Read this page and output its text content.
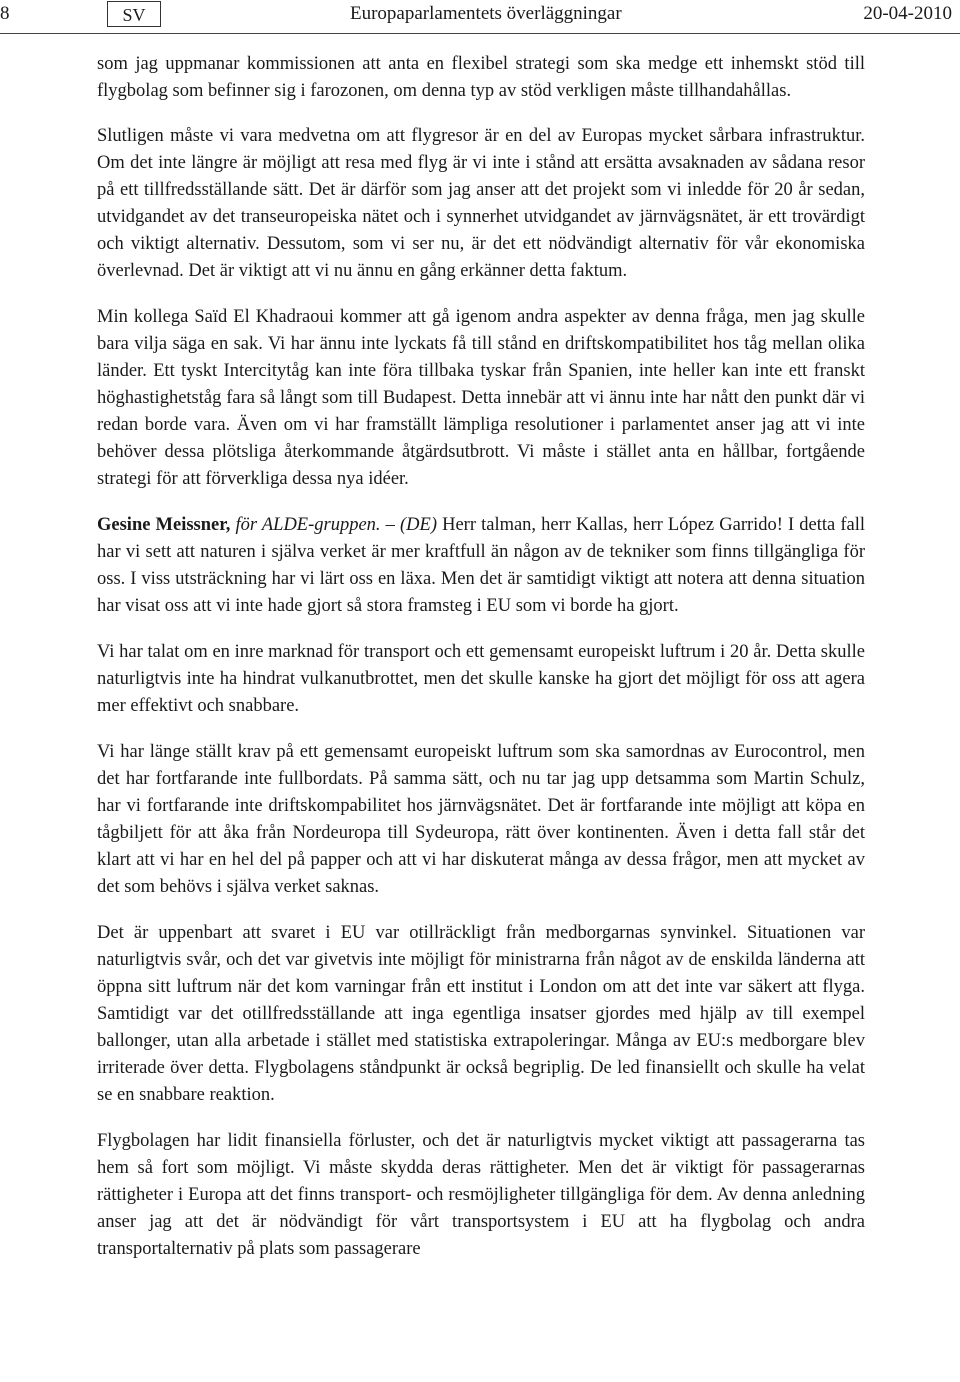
8	SV	Europaparlamentets överläggningar	20-04-2010

som jag uppmanar kommissionen att anta en flexibel strategi som ska medge ett inhemskt stöd till flygbolag som befinner sig i farozonen, om denna typ av stöd verkligen måste tillhandahållas.

Slutligen måste vi vara medvetna om att flygresor är en del av Europas mycket sårbara infrastruktur. Om det inte längre är möjligt att resa med flyg är vi inte i stånd att ersätta avsaknaden av sådana resor på ett tillfredsställande sätt. Det är därför som jag anser att det projekt som vi inledde för 20 år sedan, utvidgandet av det transeuropeiska nätet och i synnerhet utvidgandet av järnvägsnätet, är ett trovärdigt och viktigt alternativ. Dessutom, som vi ser nu, är det ett nödvändigt alternativ för vår ekonomiska överlevnad. Det är viktigt att vi nu ännu en gång erkänner detta faktum.

Min kollega Saïd El Khadraoui kommer att gå igenom andra aspekter av denna fråga, men jag skulle bara vilja säga en sak. Vi har ännu inte lyckats få till stånd en driftskompatibilitet hos tåg mellan olika länder. Ett tyskt Intercitytåg kan inte föra tillbaka tyskar från Spanien, inte heller kan inte ett franskt höghastighetståg fara så långt som till Budapest. Detta innebär att vi ännu inte har nått den punkt där vi redan borde vara. Även om vi har framställt lämpliga resolutioner i parlamentet anser jag att vi inte behöver dessa plötsliga återkommande åtgärdsutbrott. Vi måste i stället anta en hållbar, fortgående strategi för att förverkliga dessa nya idéer.

Gesine Meissner, för ALDE-gruppen. – (DE) Herr talman, herr Kallas, herr López Garrido! I detta fall har vi sett att naturen i själva verket är mer kraftfull än någon av de tekniker som finns tillgängliga för oss. I viss utsträckning har vi lärt oss en läxa. Men det är samtidigt viktigt att notera att denna situation har visat oss att vi inte hade gjort så stora framsteg i EU som vi borde ha gjort.

Vi har talat om en inre marknad för transport och ett gemensamt europeiskt luftrum i 20 år. Detta skulle naturligtvis inte ha hindrat vulkanutbrottet, men det skulle kanske ha gjort det möjligt för oss att agera mer effektivt och snabbare.

Vi har länge ställt krav på ett gemensamt europeiskt luftrum som ska samordnas av Eurocontrol, men det har fortfarande inte fullbordats. På samma sätt, och nu tar jag upp detsamma som Martin Schulz, har vi fortfarande inte driftskompabilitet hos järnvägsnätet. Det är fortfarande inte möjligt att köpa en tågbiljett för att åka från Nordeuropa till Sydeuropa, rätt över kontinenten. Även i detta fall står det klart att vi har en hel del på papper och att vi har diskuterat många av dessa frågor, men att mycket av det som behövs i själva verket saknas.

Det är uppenbart att svaret i EU var otillräckligt från medborgarnas synvinkel. Situationen var naturligtvis svår, och det var givetvis inte möjligt för ministrarna från något av de enskilda länderna att öppna sitt luftrum när det kom varningar från ett institut i London om att det inte var säkert att flyga. Samtidigt var det otillfredsställande att inga egentliga insatser gjordes med hjälp av till exempel ballonger, utan alla arbetade i stället med statistiska extrapoleringar. Många av EU:s medborgare blev irriterade över detta. Flygbolagens ståndpunkt är också begriplig. De led finansiellt och skulle ha velat se en snabbare reaktion.

Flygbolagen har lidit finansiella förluster, och det är naturligtvis mycket viktigt att passagerarna tas hem så fort som möjligt. Vi måste skydda deras rättigheter. Men det är viktigt för passagerarnas rättigheter i Europa att det finns transport- och resmöjligheter tillgängliga för dem. Av denna anledning anser jag att det är nödvändigt för vårt transportsystem i EU att ha flygbolag och andra transportalternativ på plats som passagerare
